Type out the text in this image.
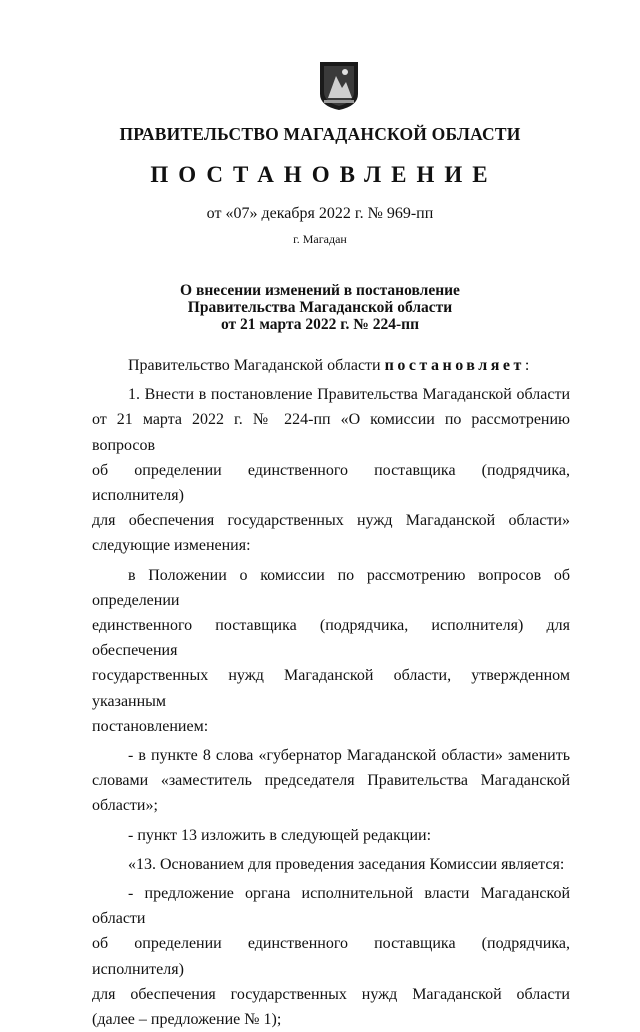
ПРАВИТЕЛЬСТВО МАГАДАНСКОЙ ОБЛАСТИ
ПОСТАНОВЛЕНИЕ
от «07» декабря 2022 г. № 969-пп
г. Магадан
О внесении изменений в постановление
Правительства Магаданской области
от 21 марта 2022 г. № 224-пп

Правительство Магаданской области постановляет:

1. Внести в постановление Правительства Магаданской области

от 21 марта 2022 г. № 224-пп «О комиссии по рассмотрению вопросов

об определении единственного поставщика (подрядчика, исполнителя)

для обеспечения государственных нужд Магаданской области»

следующие изменения:

в Положении о комиссии по рассмотрению вопросов об определении

единственного поставщика (подрядчика, исполнителя) для обеспечения

государственных нужд Магаданской области, утвержденном указанным

постановлением:

- в пункте 8 слова «губернатор Магаданской области» заменить

словами «заместитель председателя Правительства Магаданской

области»;

- пункт 13 изложить в следующей редакции:

«13. Основанием для проведения заседания Комиссии является:

- предложение органа исполнительной власти Магаданской области

об определении единственного поставщика (подрядчика, исполнителя)

для обеспечения государственных нужд Магаданской области

(далее – предложение № 1);
